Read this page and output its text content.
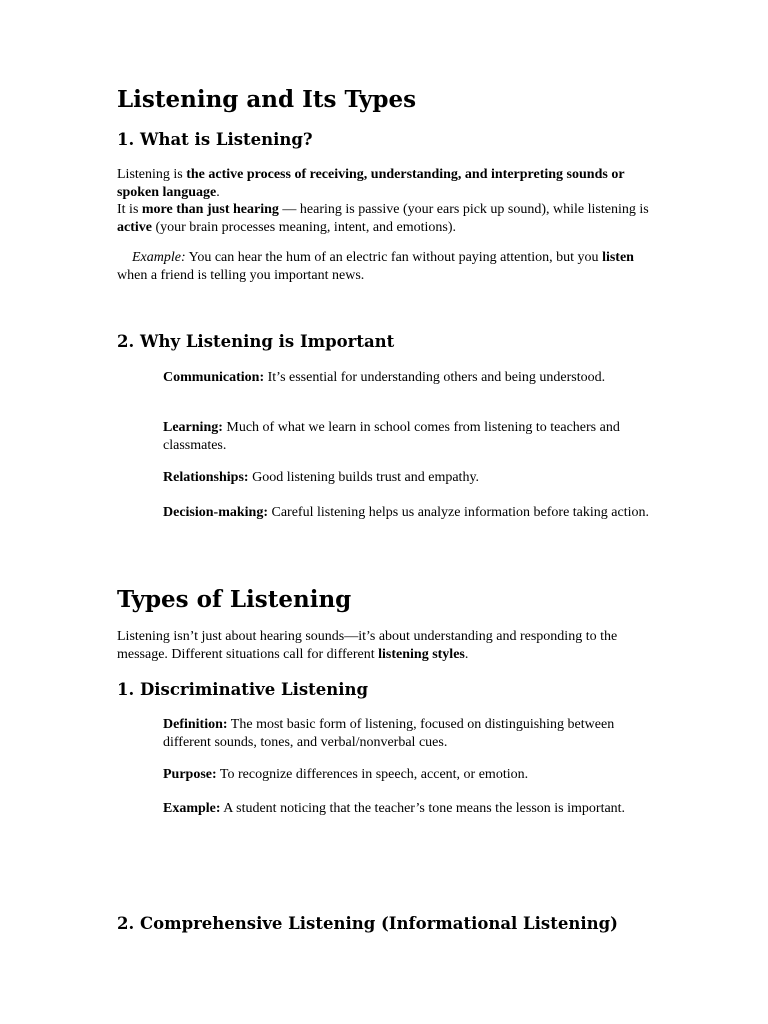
Listening and Its Types
1. What is Listening?

Listening is the active process of receiving, understanding, and interpreting sounds or spoken language.
It is more than just hearing — hearing is passive (your ears pick up sound), while listening is active (your brain processes meaning, intent, and emotions).

Example: You can hear the hum of an electric fan without paying attention, but you listen when a friend is telling you important news.

2. Why Listening is Important

Communication: It’s essential for understanding others and being understood.

Learning: Much of what we learn in school comes from listening to teachers and classmates.

Relationships: Good listening builds trust and empathy.

Decision-making: Careful listening helps us analyze information before taking action.

Types of Listening

Listening isn’t just about hearing sounds—it’s about understanding and responding to the message. Different situations call for different listening styles.

1. Discriminative Listening

Definition: The most basic form of listening, focused on distinguishing between different sounds, tones, and verbal/nonverbal cues.

Purpose: To recognize differences in speech, accent, or emotion.

Example: A student noticing that the teacher’s tone means the lesson is important.

2. Comprehensive Listening (Informational Listening)
